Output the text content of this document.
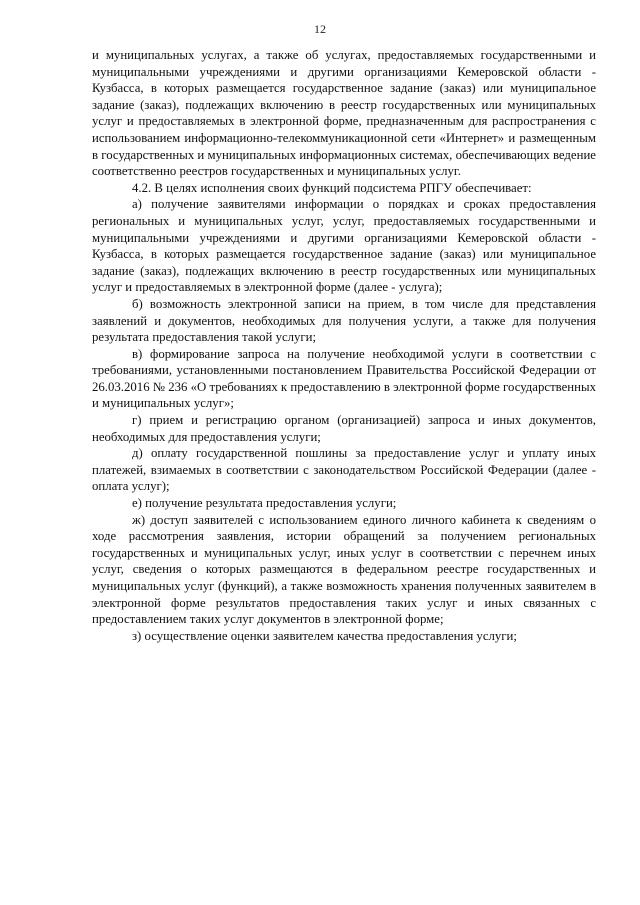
12

и муниципальных услугах, а также об услугах, предоставляемых государственными и муниципальными учреждениями и другими организациями Кемеровской области - Кузбасса, в которых размещается государственное задание (заказ) или муниципальное задание (заказ), подлежащих включению в реестр государственных или муниципальных услуг и предоставляемых в электронной форме, предназначенным для распространения с использованием информационно-телекоммуникационной сети «Интернет» и размещенным в государственных и муниципальных информационных системах, обеспечивающих ведение соответственно реестров государственных и муниципальных услуг.

4.2. В целях исполнения своих функций подсистема РПГУ обеспечивает:

а) получение заявителями информации о порядках и сроках предоставления региональных и муниципальных услуг, услуг, предоставляемых государственными и муниципальными учреждениями и другими организациями Кемеровской области - Кузбасса, в которых размещается государственное задание (заказ) или муниципальное задание (заказ), подлежащих включению в реестр государственных или муниципальных услуг и предоставляемых в электронной форме (далее - услуга);

б) возможность электронной записи на прием, в том числе для представления заявлений и документов, необходимых для получения услуги, а также для получения результата предоставления такой услуги;

в) формирование запроса на получение необходимой услуги в соответствии с требованиями, установленными постановлением Правительства Российской Федерации от 26.03.2016 № 236 «О требованиях к предоставлению в электронной форме государственных и муниципальных услуг»;

г) прием и регистрацию органом (организацией) запроса и иных документов, необходимых для предоставления услуги;

д) оплату государственной пошлины за предоставление услуг и уплату иных платежей, взимаемых в соответствии с законодательством Российской Федерации (далее - оплата услуг);

е) получение результата предоставления услуги;

ж) доступ заявителей с использованием единого личного кабинета к сведениям о ходе рассмотрения заявления, истории обращений за получением региональных государственных и муниципальных услуг, иных услуг в соответствии с перечнем иных услуг, сведения о которых размещаются в федеральном реестре государственных и муниципальных услуг (функций), а также возможность хранения полученных заявителем в электронной форме результатов предоставления таких услуг и иных связанных с предоставлением таких услуг документов в электронной форме;

з) осуществление оценки заявителем качества предоставления услуги;
